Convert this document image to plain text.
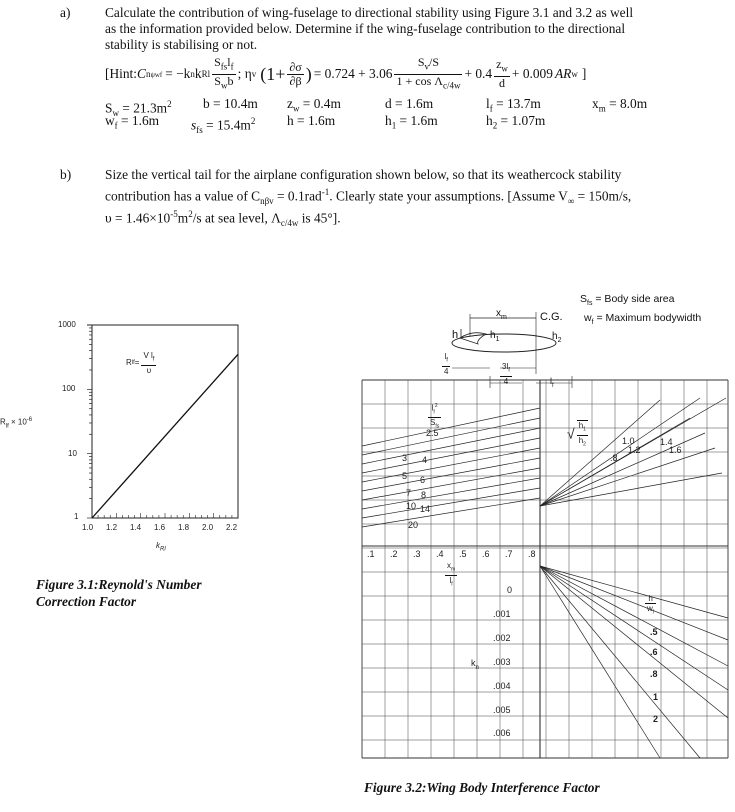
a)	Calculate the contribution of wing-fuselage to directional stability using Figure 3.1 and 3.2 as well
as the information provided below. Determine if the wing-fuselage contribution to the directional
stability is stabilising or not.
[Hint: C nψwf = −k n k Rl $\frac{S_{fs}l_f}{S_wb}$ ; η v ($1+ \frac{\partial\sigma}{\partial\beta}$ ) = $0.724 + 3.06 \frac{S_v/S}{1 + \cos \Lambda_{c/4w}} + 0.4 \frac{z_w}{d} + 0.009$ AR w ]
$S_w = 21.3m^2$ b = 10.4m $z_w = 0.4m$	d = 1.6m	$l_f = 13.7m$	$x_m = 8.0m$
$w_f = 1.6m$ $s_{fs} = 15.4m^2$ h = 1.6m	$h_1 = 1.6m$	$h_2 = 1.07m$
b)	Size the vertical tail for the airplane configuration shown below, so that its weathercock stability
contribution has a value of $C_{n\beta v} = 0.1rad^{-1}$. Clearly state your assumptions. [Assume $V_\infty = 150m/s$,
$\upsilon = 1.46\times 10^{-5}m^2/s$ at sea level, $\Lambda_{c/4w}$ is 45°].
1000
100
10
1
1.0 1.2 1.4 1.6 1.8 2.0 2.2
$k_{Rl}$
$R_{lf} \times 10^{-6}$
R lf = $\frac{V l_f}{\upsilon}$
Figure 3.1:Reynold's Number
Correction Factor
$S_{fs}$ = Body side area
$w_f$ = Maximum bodywidth
$x_m$	C.G.
h	$h_1$	$h_2$
$\frac{l_f}{4}$	$\frac{3l_f}{4}$	$l_f$
$\frac{l_f^2}{S_{fs}}$
2.5
3 4
5 6
7 8
10 14
20
√ $\frac{h_1}{h_2}$
.8
1.0
1.2
1.4
1.6
.1 .2 .3 .4 .5 .6 .7 .8
$\frac{x_m}{l_f}$
0
.001
.002
.003
.004
.005
.006
$k_n$
$\frac{h}{w_f}$
.5
.6
.8
1
2
Figure 3.2:Wing Body Interference Factor
